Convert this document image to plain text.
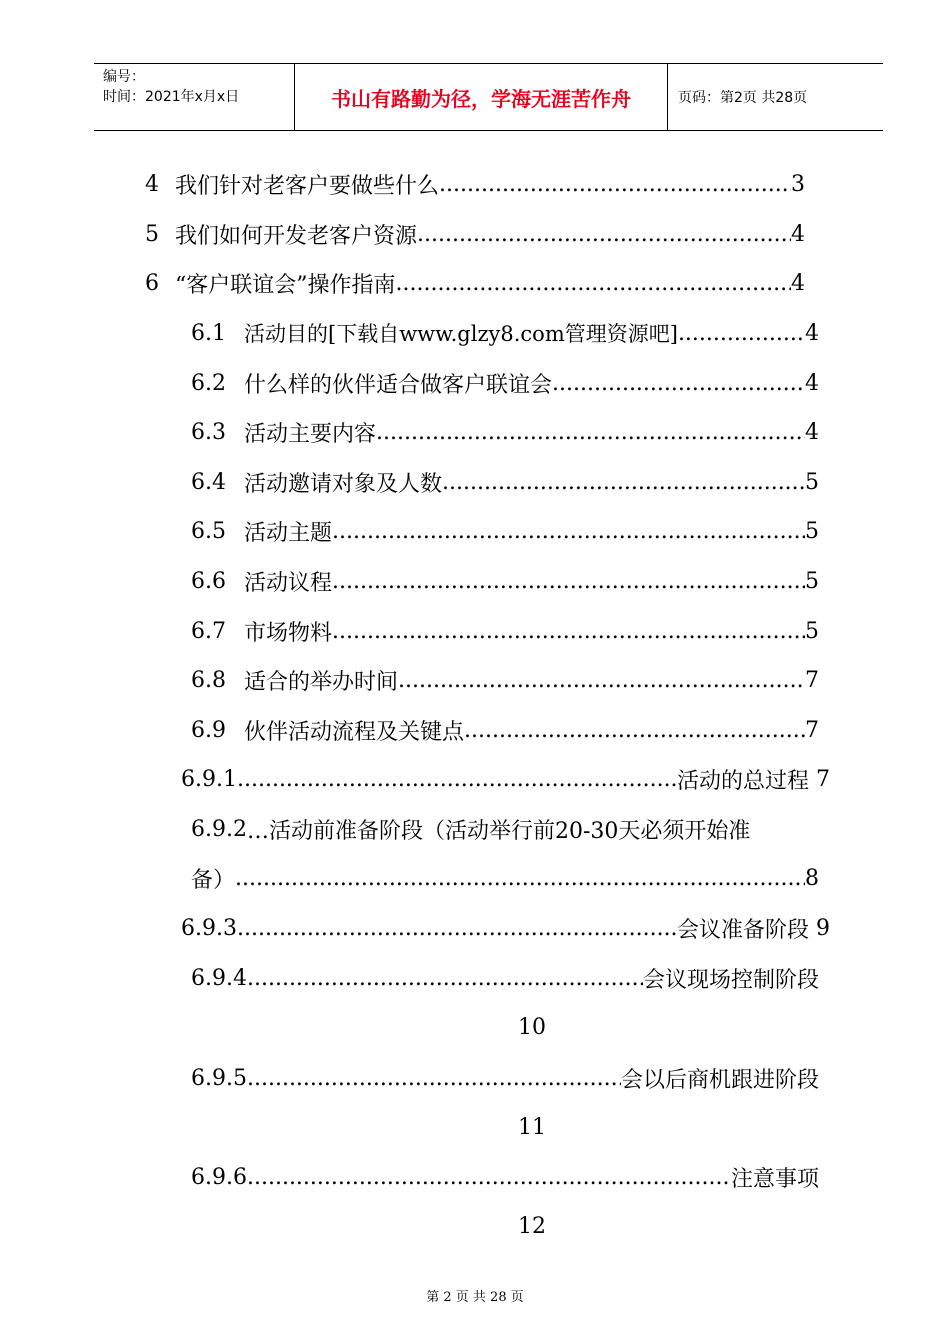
编号：
时间：2021年x月x日	书山有路勤为径，学海无涯苦作舟	页码：第2页 共28页
4 我们针对老客户要做些什么 .....	3
5 我们如何开发老客户资源 .....	4
6 “客户联谊会”操作指南 .....	4
6.1 活动目的[下载自www.glzy8.com管理资源吧] .....	4
6.2 什么样的伙伴适合做客户联谊会 .....	4
6.3 活动主要内容 .....	4
6.4 活动邀请对象及人数 .....	5
6.5 活动主题 .....	5
6.6 活动议程 .....	5
6.7 市场物料 .....	5
6.8 适合的举办时间 .....	7
6.9 伙伴活动流程及关键点 .....	7
6.9.1 .....	活动的总过程 7
6.9.2 …活动前准备阶段（活动举行前20-30天必须开始准
备） .....	8
6.9.3 .....	会议准备阶段 9
6.9.4 .....	会议现场控制阶段
10
6.9.5 .....	会以后商机跟进阶段
11
6.9.6 .....	注意事项
12
第 2 页 共 28 页
